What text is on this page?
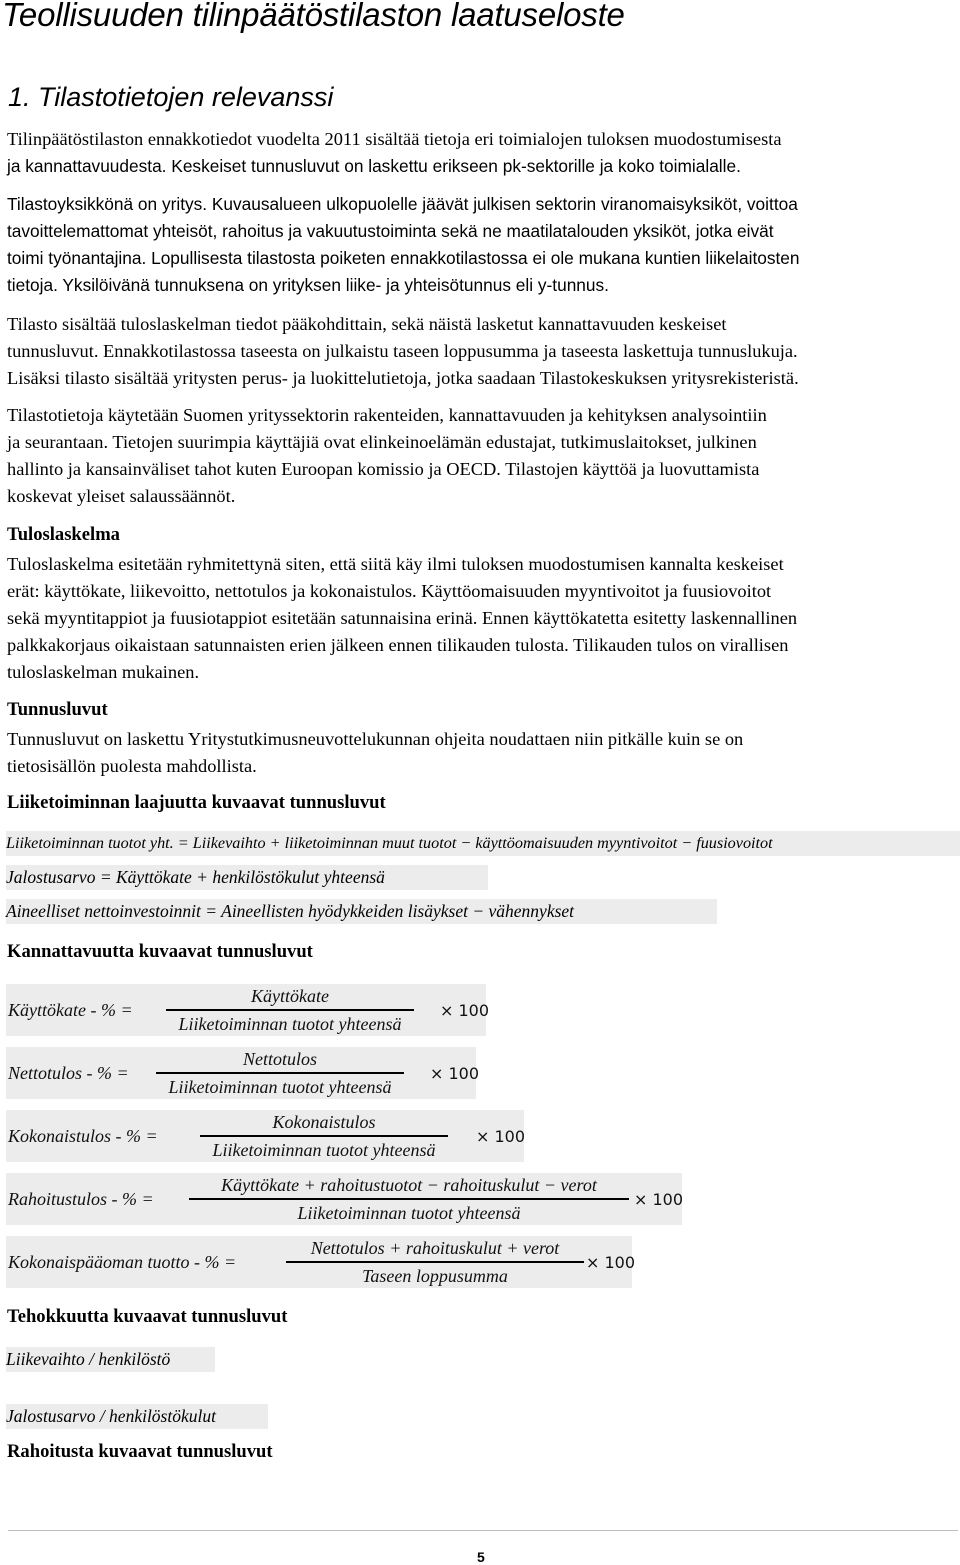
Teollisuuden tilinpäätöstilaston laatuseloste
1. Tilastotietojen relevanssi

Tilinpäätöstilaston ennakkotiedot vuodelta 2011 sisältää tietoja eri toimialojen tuloksen muodostumisesta
ja kannattavuudesta. Keskeiset tunnusluvut on laskettu erikseen pk-sektorille ja koko toimialalle.

Tilastoyksikkönä on yritys. Kuvausalueen ulkopuolelle jäävät julkisen sektorin viranomaisyksiköt, voittoa
tavoittelemattomat yhteisöt, rahoitus ja vakuutustoiminta sekä ne maatilatalouden yksiköt, jotka eivät
toimi työnantajina. Lopullisesta tilastosta poiketen ennakkotilastossa ei ole mukana kuntien liikelaitosten
tietoja. Yksilöivänä tunnuksena on yrityksen liike- ja yhteisötunnus eli y-tunnus.

Tilasto sisältää tuloslaskelman tiedot pääkohdittain, sekä näistä lasketut kannattavuuden keskeiset
tunnusluvut. Ennakkotilastossa taseesta on julkaistu taseen loppusumma ja taseesta laskettuja tunnuslukuja.
Lisäksi tilasto sisältää yritysten perus- ja luokittelutietoja, jotka saadaan Tilastokeskuksen yritysrekisteristä.

Tilastotietoja käytetään Suomen yrityssektorin rakenteiden, kannattavuuden ja kehityksen analysointiin
ja seurantaan. Tietojen suurimpia käyttäjiä ovat elinkeinoelämän edustajat, tutkimuslaitokset, julkinen
hallinto ja kansainväliset tahot kuten Euroopan komissio ja OECD. Tilastojen käyttöä ja luovuttamista
koskevat yleiset salaussäännöt.

Tuloslaskelma

Tuloslaskelma esitetään ryhmitettynä siten, että siitä käy ilmi tuloksen muodostumisen kannalta keskeiset
erät: käyttökate, liikevoitto, nettotulos ja kokonaistulos. Käyttöomaisuuden myyntivoitot ja fuusiovoitot
sekä myyntitappiot ja fuusiotappiot esitetään satunnaisina erinä. Ennen käyttökatetta esitetty laskennallinen
palkkakorjaus oikaistaan satunnaisten erien jälkeen ennen tilikauden tulosta. Tilikauden tulos on virallisen
tuloslaskelman mukainen.

Tunnusluvut

Tunnusluvut on laskettu Yritystutkimusneuvottelukunnan ohjeita noudattaen niin pitkälle kuin se on
tietosisällön puolesta mahdollista.

Liiketoiminnan laajuutta kuvaavat tunnusluvut
Liiketoiminnan tuotot yht. = Liikevaihto + liiketoiminnan muut tuotot − käyttöomaisuuden myyntivoitot − fuusiovoitot
Jalostusarvo = Käyttökate + henkilöstökulut yhteensä
Aineelliset nettoinvestoinnit = Aineellisten hyödykkeiden lisäykset − vähennykset
Kannattavuutta kuvaavat tunnusluvut
Käyttökate - % =
Käyttökate
Liiketoiminnan tuotot yhteensä
× 100
Nettotulos - % =
Nettotulos
Liiketoiminnan tuotot yhteensä
× 100
Kokonaistulos - % =
Kokonaistulos
Liiketoiminnan tuotot yhteensä
× 100
Rahoitustulos - % =
Käyttökate + rahoitustuotot − rahoituskulut − verot
Liiketoiminnan tuotot yhteensä
× 100
Kokonaispääoman tuotto - % =
Nettotulos + rahoituskulut + verot
Taseen loppusumma
× 100
Tehokkuutta kuvaavat tunnusluvut
Liikevaihto / henkilöstö
Jalostusarvo / henkilöstökulut
Rahoitusta kuvaavat tunnusluvut
5
